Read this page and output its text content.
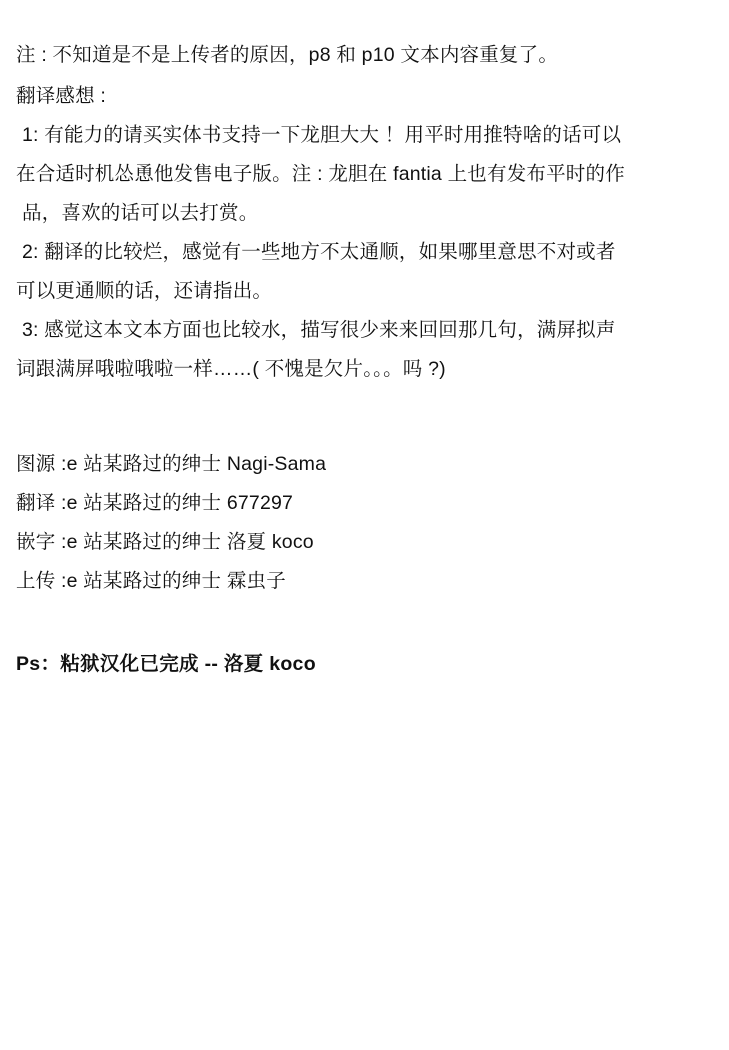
注 : 不知道是不是上传者的原因，p8 和 p10 文本内容重复了。
翻译感想 :
1: 有能力的请买实体书支持一下龙胆大大 ！用平时用推特啥的话可以
在合适时机怂恿他发售电子版。注 : 龙胆在 fantia 上也有发布平时的作
品，喜欢的话可以去打赏。
2: 翻译的比较烂，感觉有一些地方不太通顺，如果哪里意思不对或者
可以更通顺的话，还请指出。
3: 感觉这本文本方面也比较水，描写很少来来回回那几句，满屏拟声
词跟满屏哦啦哦啦一样……( 不愧是欠片。。。吗 ?)
图源 :e 站某路过的绅士 Nagi-Sama
翻译 :e 站某路过的绅士 677297
嵌字 :e 站某路过的绅士 洛夏 koco
上传 :e 站某路过的绅士 霖虫子
Ps：粘狱汉化已完成 -- 洛夏 koco
